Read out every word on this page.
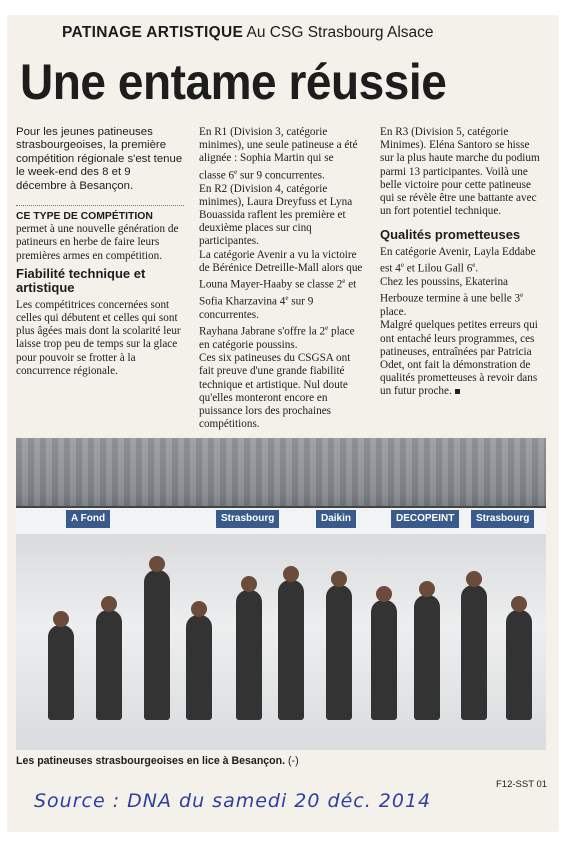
PATINAGE ARTISTIQUE Au CSG Strasbourg Alsace
Une entame réussie

Pour les jeunes patineuses strasbourgeoises, la première compétition régionale s'est tenue le week-end des 8 et 9 décembre à Besançon.

CE TYPE DE COMPÉTITION permet à une nouvelle génération de patineurs en herbe de faire leurs premières armes en compétition.

Fiabilité technique et artistique

Les compétitrices concernées sont celles qui débutent et celles qui sont plus âgées mais dont la scolarité leur laisse trop peu de temps sur la glace pour pouvoir se frotter à la concurrence régionale.

En R1 (Division 3, catégorie minimes), une seule patineuse a été alignée : Sophia Martin qui se classe 6e sur 9 concurrentes.

En R2 (Division 4, catégorie minimes), Laura Dreyfuss et Lyna Bouassida raflent les première et deuxième places sur cinq participantes.

La catégorie Avenir a vu la victoire de Bérénice Detreille-Mall alors que Louna Mayer-Haaby se classe 2e et Sofia Kharzavina 4e sur 9 concurrentes.

Rayhana Jabrane s'offre la 2e place en catégorie poussins.

Ces six patineuses du CSGSA ont fait preuve d'une grande fiabilité technique et artistique. Nul doute qu'elles monteront encore en puissance lors des prochaines compétitions.

En R3 (Division 5, catégorie Minimes). Eléna Santoro se hisse sur la plus haute marche du podium parmi 13 participantes. Voilà une belle victoire pour cette patineuse qui se révèle être une battante avec un fort potentiel technique.

Qualités prometteuses

En catégorie Avenir, Layla Eddabe est 4e et Lilou Gall 6e.

Chez les poussins, Ekaterina Herbouze termine à une belle 3e place.

Malgré quelques petites erreurs qui ont entaché leurs programmes, ces patineuses, entraînées par Patricia Odet, ont fait la démonstration de qualités prometteuses à revoir dans un futur proche.

A Fond	Strasbourg	Daikin	DECOPEINT	Strasbourg
Les patineuses strasbourgeoises en lice à Besançon. (-)
F12-SST 01
Source : DNA du samedi 20 déc. 2014
